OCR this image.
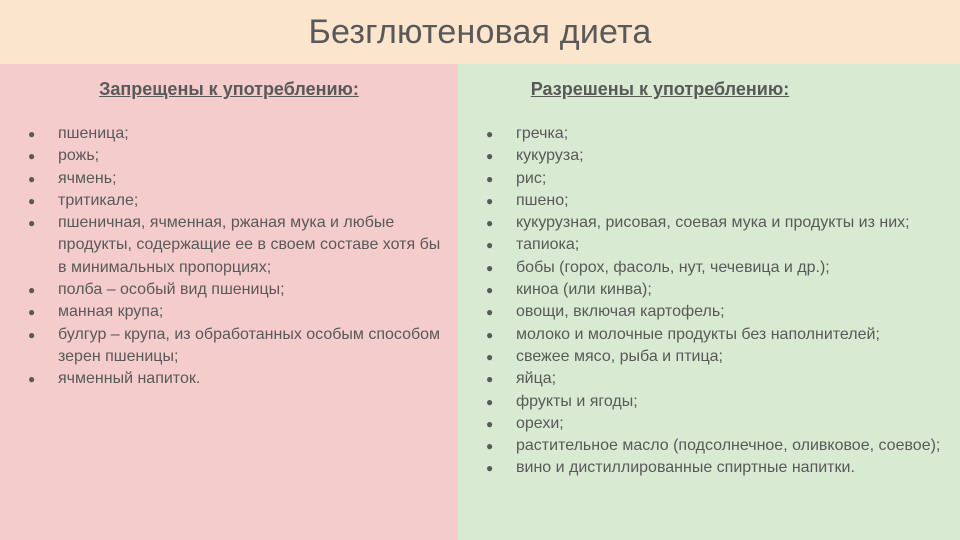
Безглютеновая диета
Запрещены к употреблению:
● пшеница;
● рожь;
● ячмень;
● тритикале;
● пшеничная, ячменная, ржаная мука и любые продукты, содержащие ее в своем составе хотя бы в минимальных пропорциях;
● полба – особый вид пшеницы;
● манная крупа;
● булгур – крупа, из обработанных особым способом зерен пшеницы;
● ячменный напиток.
Разрешены к употреблению:
● гречка;
● кукуруза;
● рис;
● пшено;
● кукурузная, рисовая, соевая мука и продукты из них;
● тапиока;
● бобы (горох, фасоль, нут, чечевица и др.);
● киноа (или кинва);
● овощи, включая картофель;
● молоко и молочные продукты без наполнителей;
● свежее мясо, рыба и птица;
● яйца;
● фрукты и ягоды;
● орехи;
● растительное масло (подсолнечное, оливковое, соевое);
● вино и дистиллированные спиртные напитки.
